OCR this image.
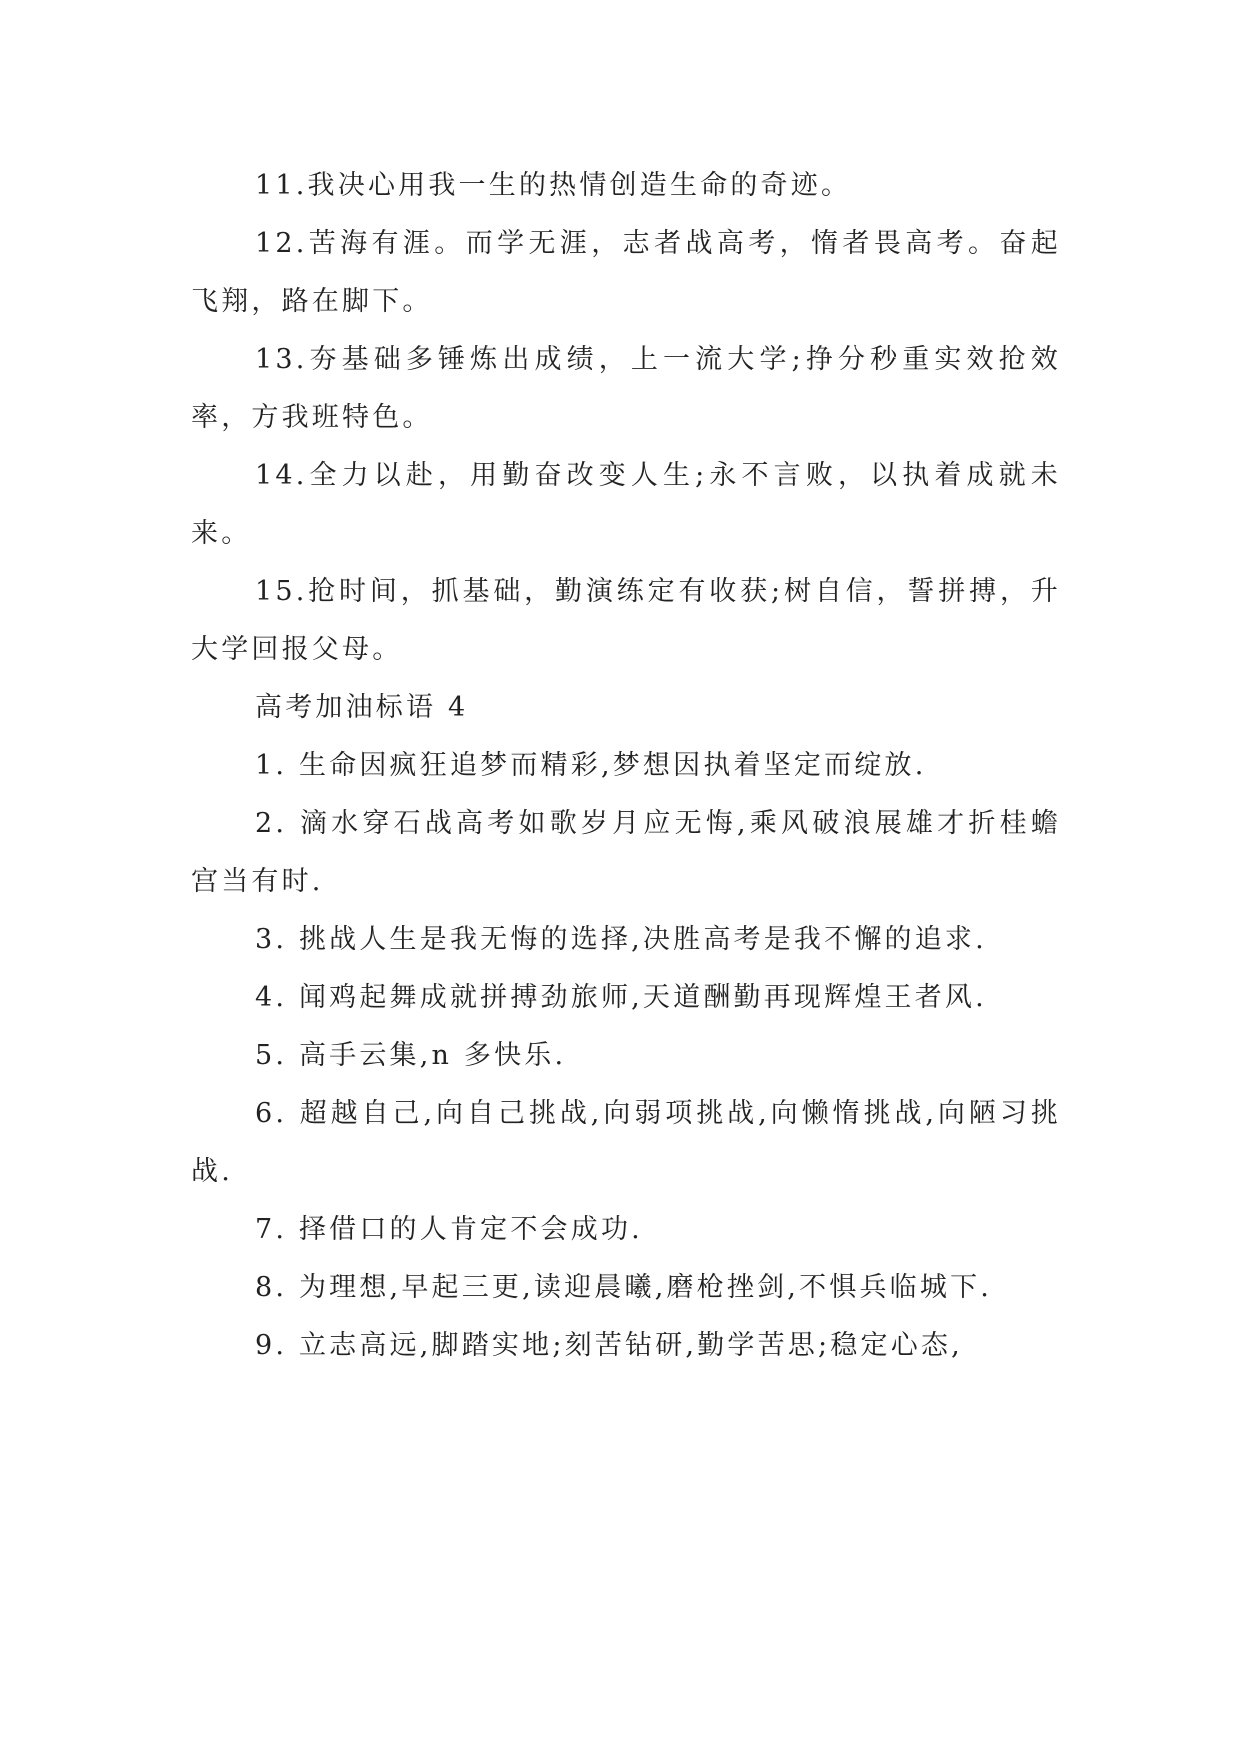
11.我决心用我一生的热情创造生命的奇迹。

12.苦海有涯。而学无涯，志者战高考，惰者畏高考。奋起飞翔，路在脚下。

13.夯基础多锤炼出成绩，上一流大学;挣分秒重实效抢效率，方我班特色。

14.全力以赴，用勤奋改变人生;永不言败，以执着成就未来。

15.抢时间，抓基础，勤演练定有收获;树自信，誓拼搏，升大学回报父母。

高考加油标语 4

1. 生命因疯狂追梦而精彩,梦想因执着坚定而绽放.

2. 滴水穿石战高考如歌岁月应无悔,乘风破浪展雄才折桂蟾宫当有时.

3. 挑战人生是我无悔的选择,决胜高考是我不懈的追求.

4. 闻鸡起舞成就拼搏劲旅师,天道酬勤再现辉煌王者风.

5. 高手云集,n 多快乐.

6. 超越自己,向自己挑战,向弱项挑战,向懒惰挑战,向陋习挑战.

7. 择借口的人肯定不会成功.

8. 为理想,早起三更,读迎晨曦,磨枪挫剑,不惧兵临城下.

9. 立志高远,脚踏实地;刻苦钻研,勤学苦思;稳定心态,
